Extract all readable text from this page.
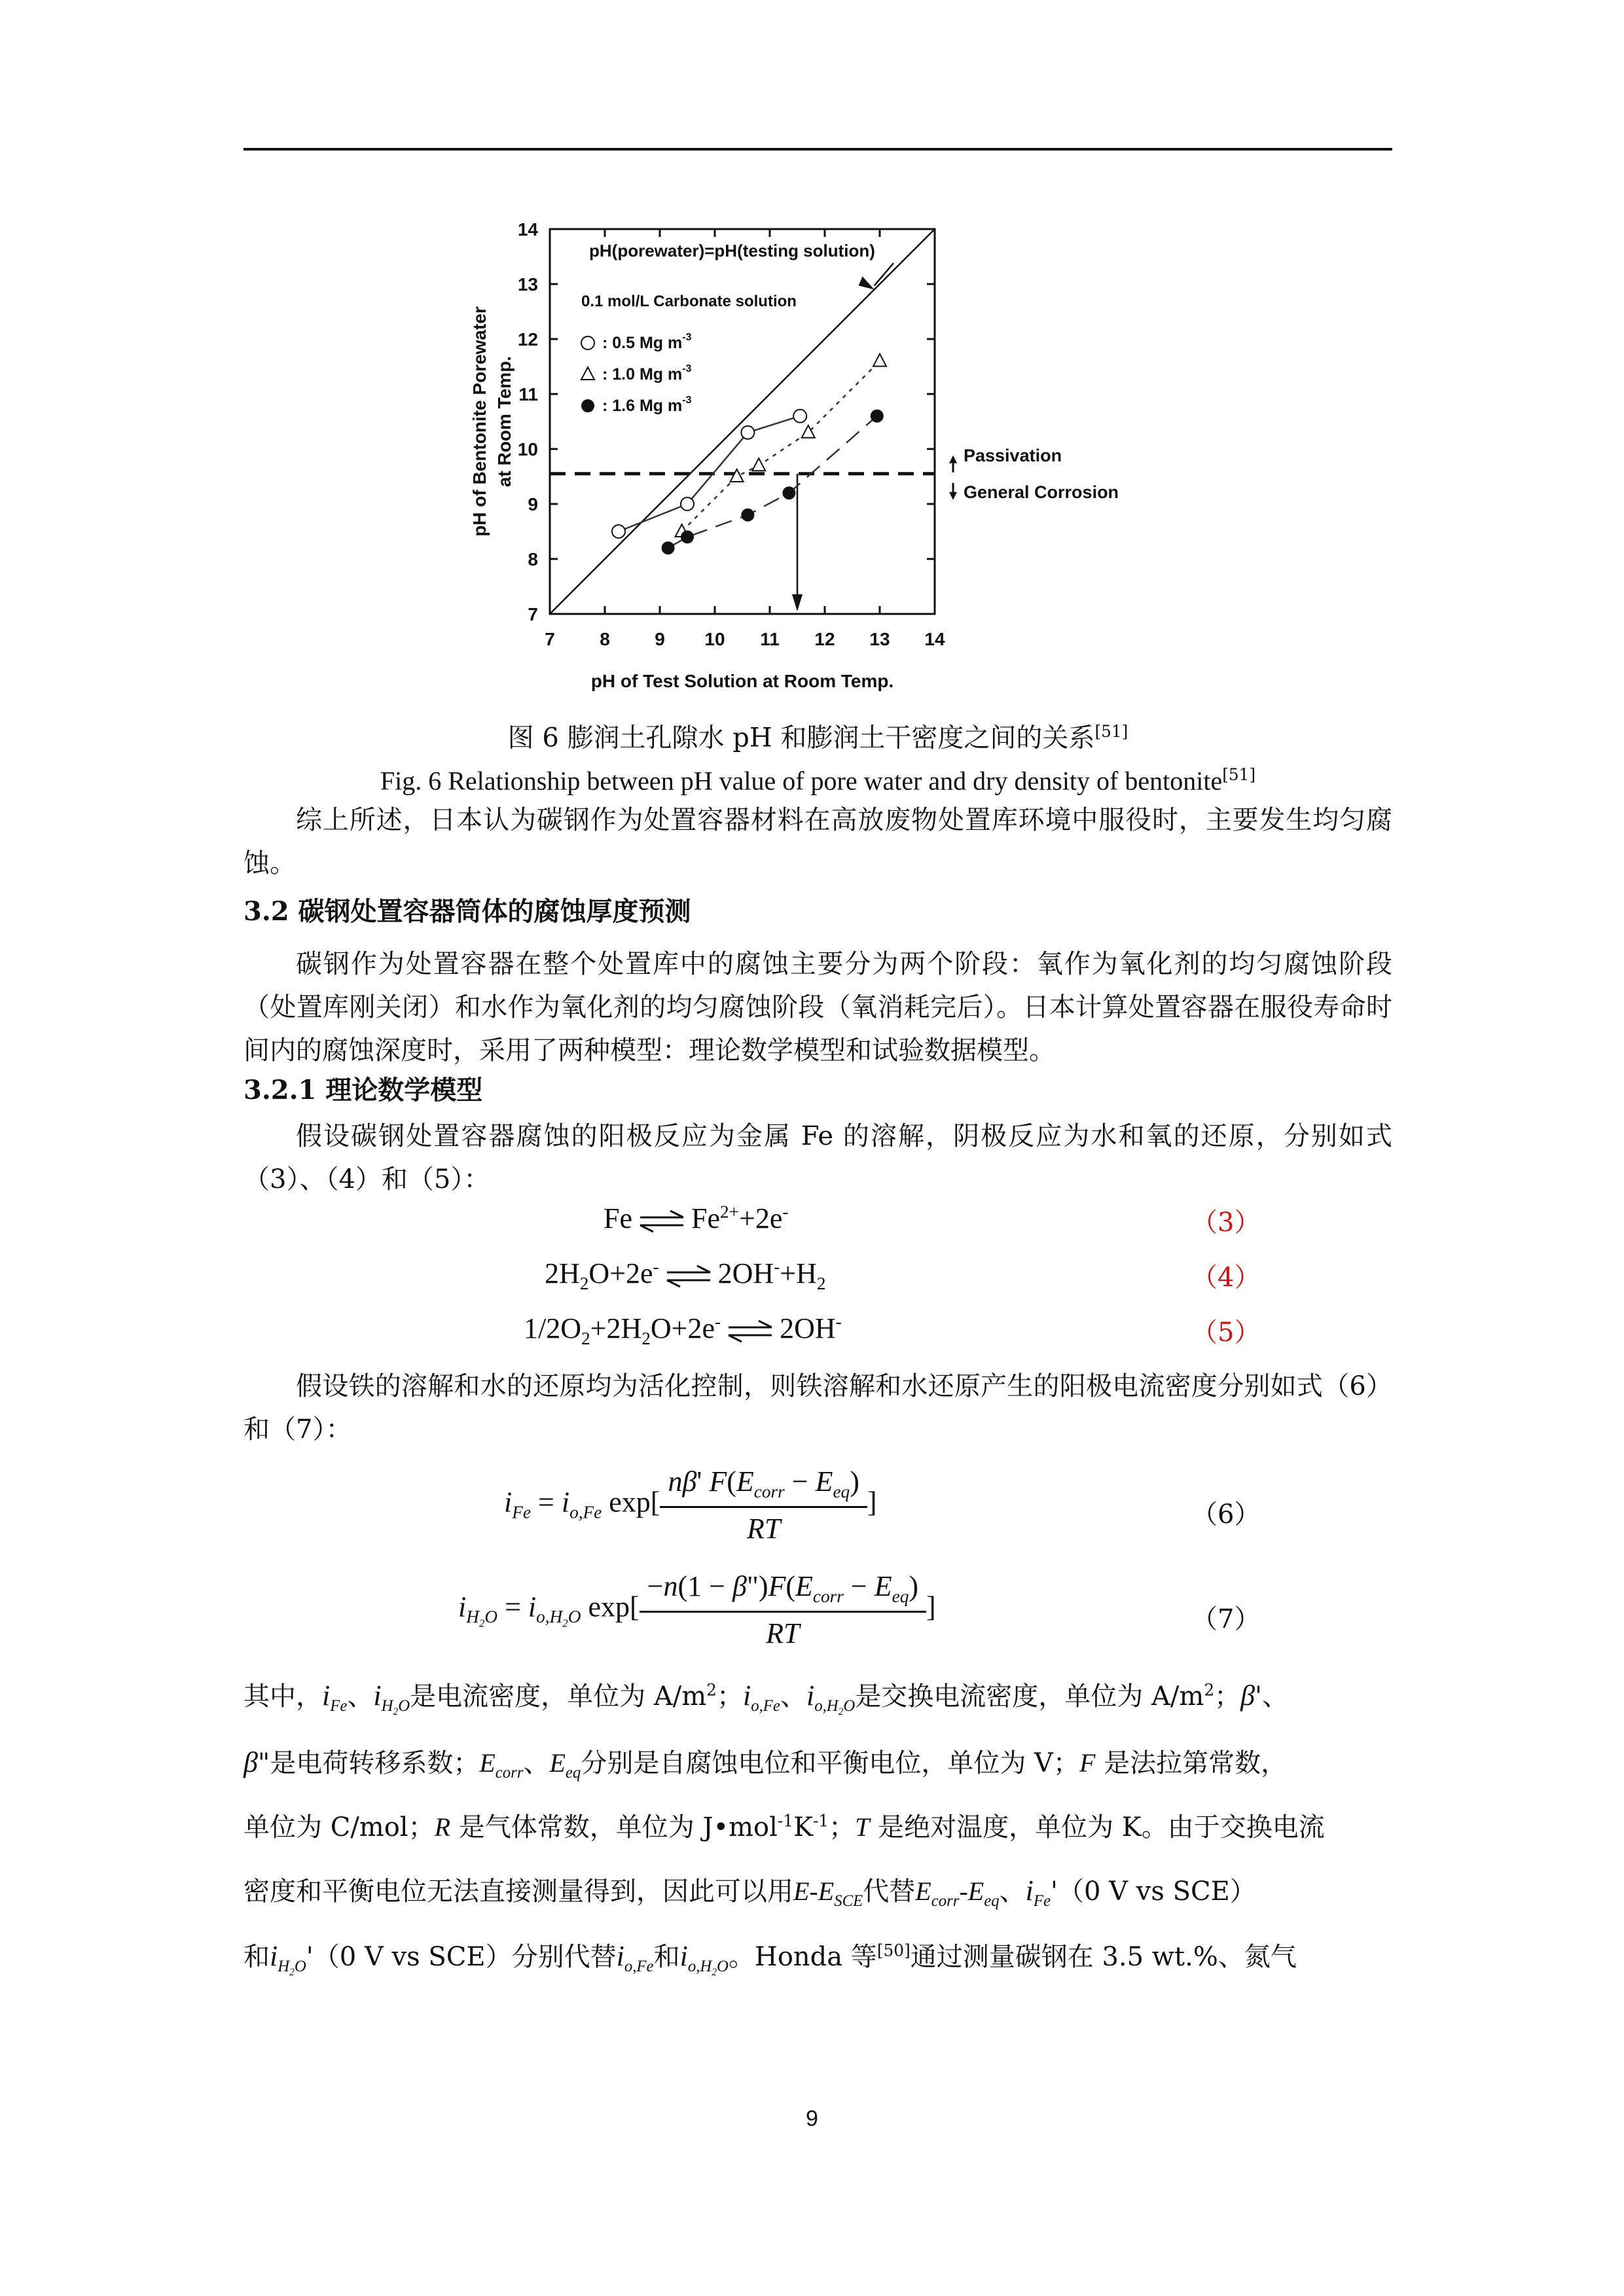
7 8 9 10 11 12 13 14
7
8
9
10
11
12
13
14
pH of Test Solution at Room Temp.
pH of Bentonite Porewater at Room Temp.
pH(porewater)=pH(testing solution)
0.1 mol/L Carbonate solution
Passivation
General Corrosion
: 0.5 Mg $m^{-3}$
: 1.0 Mg $m^{-3}$
: 1.6 Mg $m^{-3}$
图 6 膨润土孔隙水 pH 和膨润土干密度之间的关系[51]
Fig. 6 Relationship between pH value of pore water and dry density of bentonite[51]
综上所述，日本认为碳钢作为处置容器材料在高放废物处置库环境中服役时，主要发生均匀腐蚀。
3.2 碳钢处置容器筒体的腐蚀厚度预测
碳钢作为处置容器在整个处置库中的腐蚀主要分为两个阶段：氧作为氧化剂的均匀腐蚀阶段（处置库刚关闭）和水作为氧化剂的均匀腐蚀阶段（氧消耗完后）。日本计算处置容器在服役寿命时间内的腐蚀深度时，采用了两种模型：理论数学模型和试验数据模型。
3.2.1 理论数学模型
假设碳钢处置容器腐蚀的阳极反应为金属 Fe 的溶解，阴极反应为水和氧的还原，分别如式（3）、（4）和（5）：
Fe $Fe^{2+}+2e^-$	（3）
$2H_2O+2e^-$ $2OH^-+H_2$	（4）
$1/2O_2+2H_2O+2e^-$ 2OH-	（5）
假设铁的溶解和水的还原均为活化控制，则铁溶解和水还原产生的阳极电流密度分别如式（6）和（7）：
$i_{Fe} = i_{o,Fe}$ $\exp[ \frac{n\beta' F(E_{corr} - E_{eq})}{RT}$ ]	（6）
$i_{H_2O} = i_{o,H_2O}$ $\exp[ \frac{-n(1 - \beta")F(E_{corr} - E_{eq})}{RT}$ ]	（7）
其中，$i_{Fe}$、$i_{H_2O}$是电流密度，单位为 $A/m^2$；$i_{o,Fe}$、$i_{o,H_2O}$是交换电流密度，单位为 $A/m^2$；β'、
β"是电荷转移系数；$E_{corr}$、$E_{eq}$分别是自腐蚀电位和平衡电位，单位为 V；F 是法拉第常数，
单位为 C/mol；R 是气体常数，单位为 $J•mol^{-1}K^{-1}$；T 是绝对温度，单位为 K。由于交换电流
密度和平衡电位无法直接测量得到，因此可以用$E-E_{SCE}$代替$E_{corr}-E_{eq}$、$i_{Fe}'(0$ V vs SCE）
和$i_{H_2O}'(0$ V vs SCE）分别代替$i_{o,Fe}$和$i_{o,H_2O}$。Honda 等[50]通过测量碳钢在 3.5 wt.%、氮气
9
